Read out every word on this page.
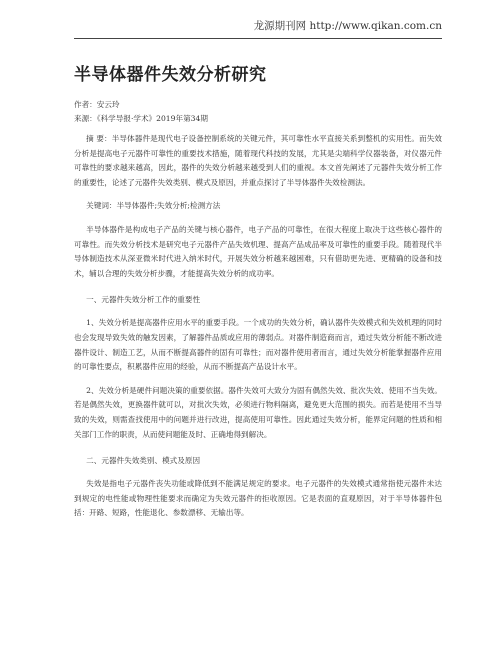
龙源期刊网 http://www.qikan.com.cn
半导体器件失效分析研究
作者：安云玲
来源：《科学导报·学术》2019年第34期

摘 要：半导体器件是现代电子设备控制系统的关键元件，其可靠性水平直接关系到整机的实用性。而失效分析是提高电子元器件可靠性的重要技术措施，随着现代科技的发展，尤其是尖端科学仪器装备，对仪器元件可靠性的要求越来越高，因此，器件的失效分析越来越受到人们的重视。本文首先阐述了元器件失效分析工作的重要性，论述了元器件失效类别、模式及原因，并重点探讨了半导体器件失效检测法。

关键词：半导体器件;失效分析;检测方法

半导体器件是构成电子产品的关键与核心器件，电子产品的可靠性，在很大程度上取决于这些核心器件的可靠性。而失效分析技术是研究电子元器件产品失效机理、提高产品成品率及可靠性的重要手段。随着现代半导体制造技术从深亚微米时代进入纳米时代，开展失效分析越来越困难，只有借助更先进、更精确的设备和技术，辅以合理的失效分析步骤，才能提高失效分析的成功率。

一、元器件失效分析工作的重要性

1、失效分析是提高器件应用水平的重要手段。一个成功的失效分析，确认器件失效模式和失效机理的同时也会发现导致失效的触发因素，了解器件品质或应用的薄弱点。对器件制造商而言，通过失效分析能不断改进器件设计、制造工艺，从而不断提高器件的固有可靠性；而对器件使用者而言，通过失效分析能掌握器件应用的可靠性要点，积累器件应用的经验，从而不断提高产品设计水平。

2、失效分析是硬件问题决策的重要依据。器件失效可大致分为固有偶然失效、批次失效、使用不当失效。若是偶然失效，更换器件就可以，对批次失效，必须进行物料隔离，避免更大范围的损失。而若是使用不当导致的失效，则需查找使用中的问题并进行改进，提高使用可靠性。因此通过失效分析，能界定问题的性质和相关部门工作的职责，从而使问题能及时、正确地得到解决。

二、元器件失效类别、模式及原因

失效是指电子元器件丧失功能或降低到不能满足规定的要求。电子元器件的失效模式通常指使元器件未达到规定的电性能或物理性能要求而确定为失效元器件的拒收原因。它是表面的直观原因，对于半导体器件包括：开路、短路，性能退化、参数漂移、无输出等。
